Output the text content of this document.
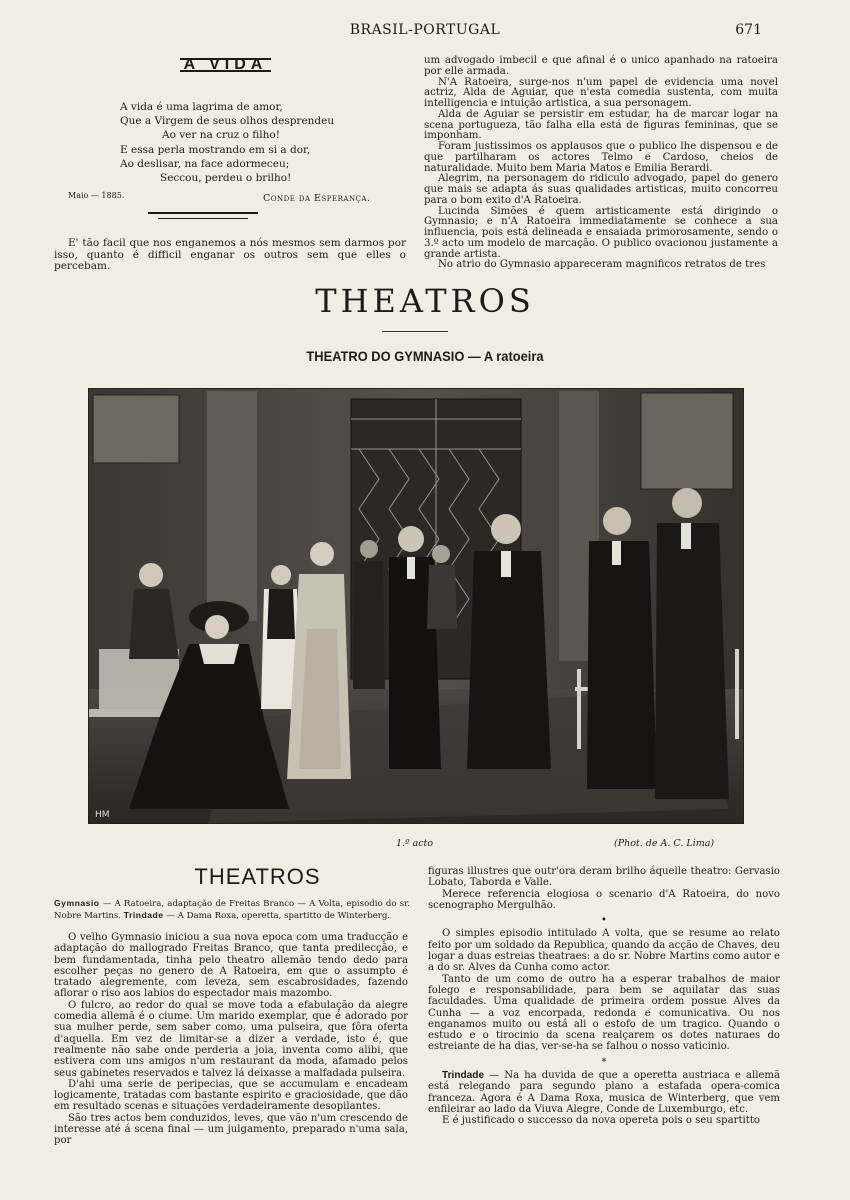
BRASIL-PORTUGAL	671
A VIDA
A vida é uma lagrima de amor,
Que a Virgem de seus olhos desprendeu
Ao ver na cruz o filho!
E essa perla mostrando em si a dor,
Ao deslisar, na face adormeceu;
Seccou, perdeu o brilho!
Maio — 1885.	Conde da Esperança.

E' tão facil que nos enganemos a nós mesmos sem darmos por isso, quanto é difficil enganar os outros sem que elles o percebam.

um advogado imbecil e que afinal é o unico apanhado na ratoeira por elle armada.

N'A Ratoeira, surge-nos n'um papel de evidencia uma novel actriz, Alda de Aguiar, que n'esta comedia sustenta, com muita intelligencia e intuição artistica, a sua personagem.

Alda de Aguiar se persistir em estudar, ha de marcar logar na scena portugueza, tão falha ella está de figuras femininas, que se imponham.

Foram justissimos os applausos que o publico lhe dispensou e de que partilharam os actores Telmo e Cardoso, cheios de naturalidade. Muito bem Maria Matos e Emilia Berardi.

Alegrim, na personagem do ridiculo advogado, papel do genero que mais se adapta ás suas qualidades artisticas, muito concorreu para o bom exito d'A Ratoeira.

Lucinda Simões é quem artisticamente está dirigindo o Gymnasio; e n'A Ratoeira immediatamente se conhece a sua influencia, pois está delineada e ensaiada primorosamente, sendo o 3.º acto um modelo de marcação. O publico ovacionou justamente a grande artista.

No atrio do Gymnasio appareceram magnificos retratos de tres

THEATROS
THEATRO DO GYMNASIO — A ratoeira
HM
1.º acto	(Phot. de A. C. Lima)
THEATROS
Gymnasio — A Ratoeira, adaptação de Freitas Branco — A Volta, episodio do sr. Nobre Martins. Trindade — A Dama Roxa, operetta, spartitto de Winterberg.

O velho Gymnasio iniciou a sua nova epoca com uma traducção e adaptação do mallogrado Freitas Branco, que tanta predilecção, e bem fundamentada, tinha pelo theatro allemão tendo dedo para escolher peças no genero de A Ratoeira, em que o assumpto é tratado alegremente, com leveza, sem escabrosidades, fazendo aflorar o riso aos labios do espectador mais mazombo.

O fulcro, ao redor do qual se move toda a efabulação da alegre comedia allemã é o ciume. Um marido exemplar, que é adorado por sua mulher perde, sem saber como, uma pulseira, que fôra oferta d'aquella. Em vez de limitar-se a dizer a verdade, isto é, que realmente não sabe onde perderia a joia, inventa como alibi, que estivera com uns amigos n'um restaurant da moda, afamado pelos seus gabinetes reservados e talvez lá deixasse a malfadada pulseira.

D'ahi uma serie de peripecias, que se accumulam e encadeam logicamente, tratadas com bastante espirito e graciosidade, que dão em resultado scenas e situações verdadeiramente desopilantes.

São tres actos bem conduzidos, leves, que vão n'um crescendo de interesse até á scena final — um julgamento, preparado n'uma sala, por

figuras illustres que outr'ora deram brilho áquelle theatro: Gervasio Lobato, Taborda e Valle.

Merece referencia elogiosa o scenario d'A Ratoeira, do novo scenographo Mergulhão.

•

O simples episodio intitulado A volta, que se resume ao relato feito por um soldado da Republica, quando da acção de Chaves, deu logar a duas estreias theatraes: a do sr. Nobre Martins como autor e a do sr. Alves da Cunha como actor.

Tanto de um como de outro ha a esperar trabalhos de maior folego e responsabilidade, para bem se aquilatar das suas faculdades. Uma qualidade de primeira ordem possue Alves da Cunha — a voz encorpada, redonda e comunicativa. Ou nos enganamos muito ou está ali o estofo de um tragico. Quando o estudo e o tirocinio da scena realçarem os dotes naturaes do estreiante de ha dias, ver-se-ha se falhou o nosso vaticinio.

*

Trindade — Na ha duvida de que a operetta austriaca e allemã está relegando para segundo plano a estafada opera-comica franceza. Agora é A Dama Roxa, musica de Winterberg, que vem enfileirar ao lado da Viuva Alegre, Conde de Luxemburgo, etc.

E é justificado o successo da nova opereta pois o seu spartitto
